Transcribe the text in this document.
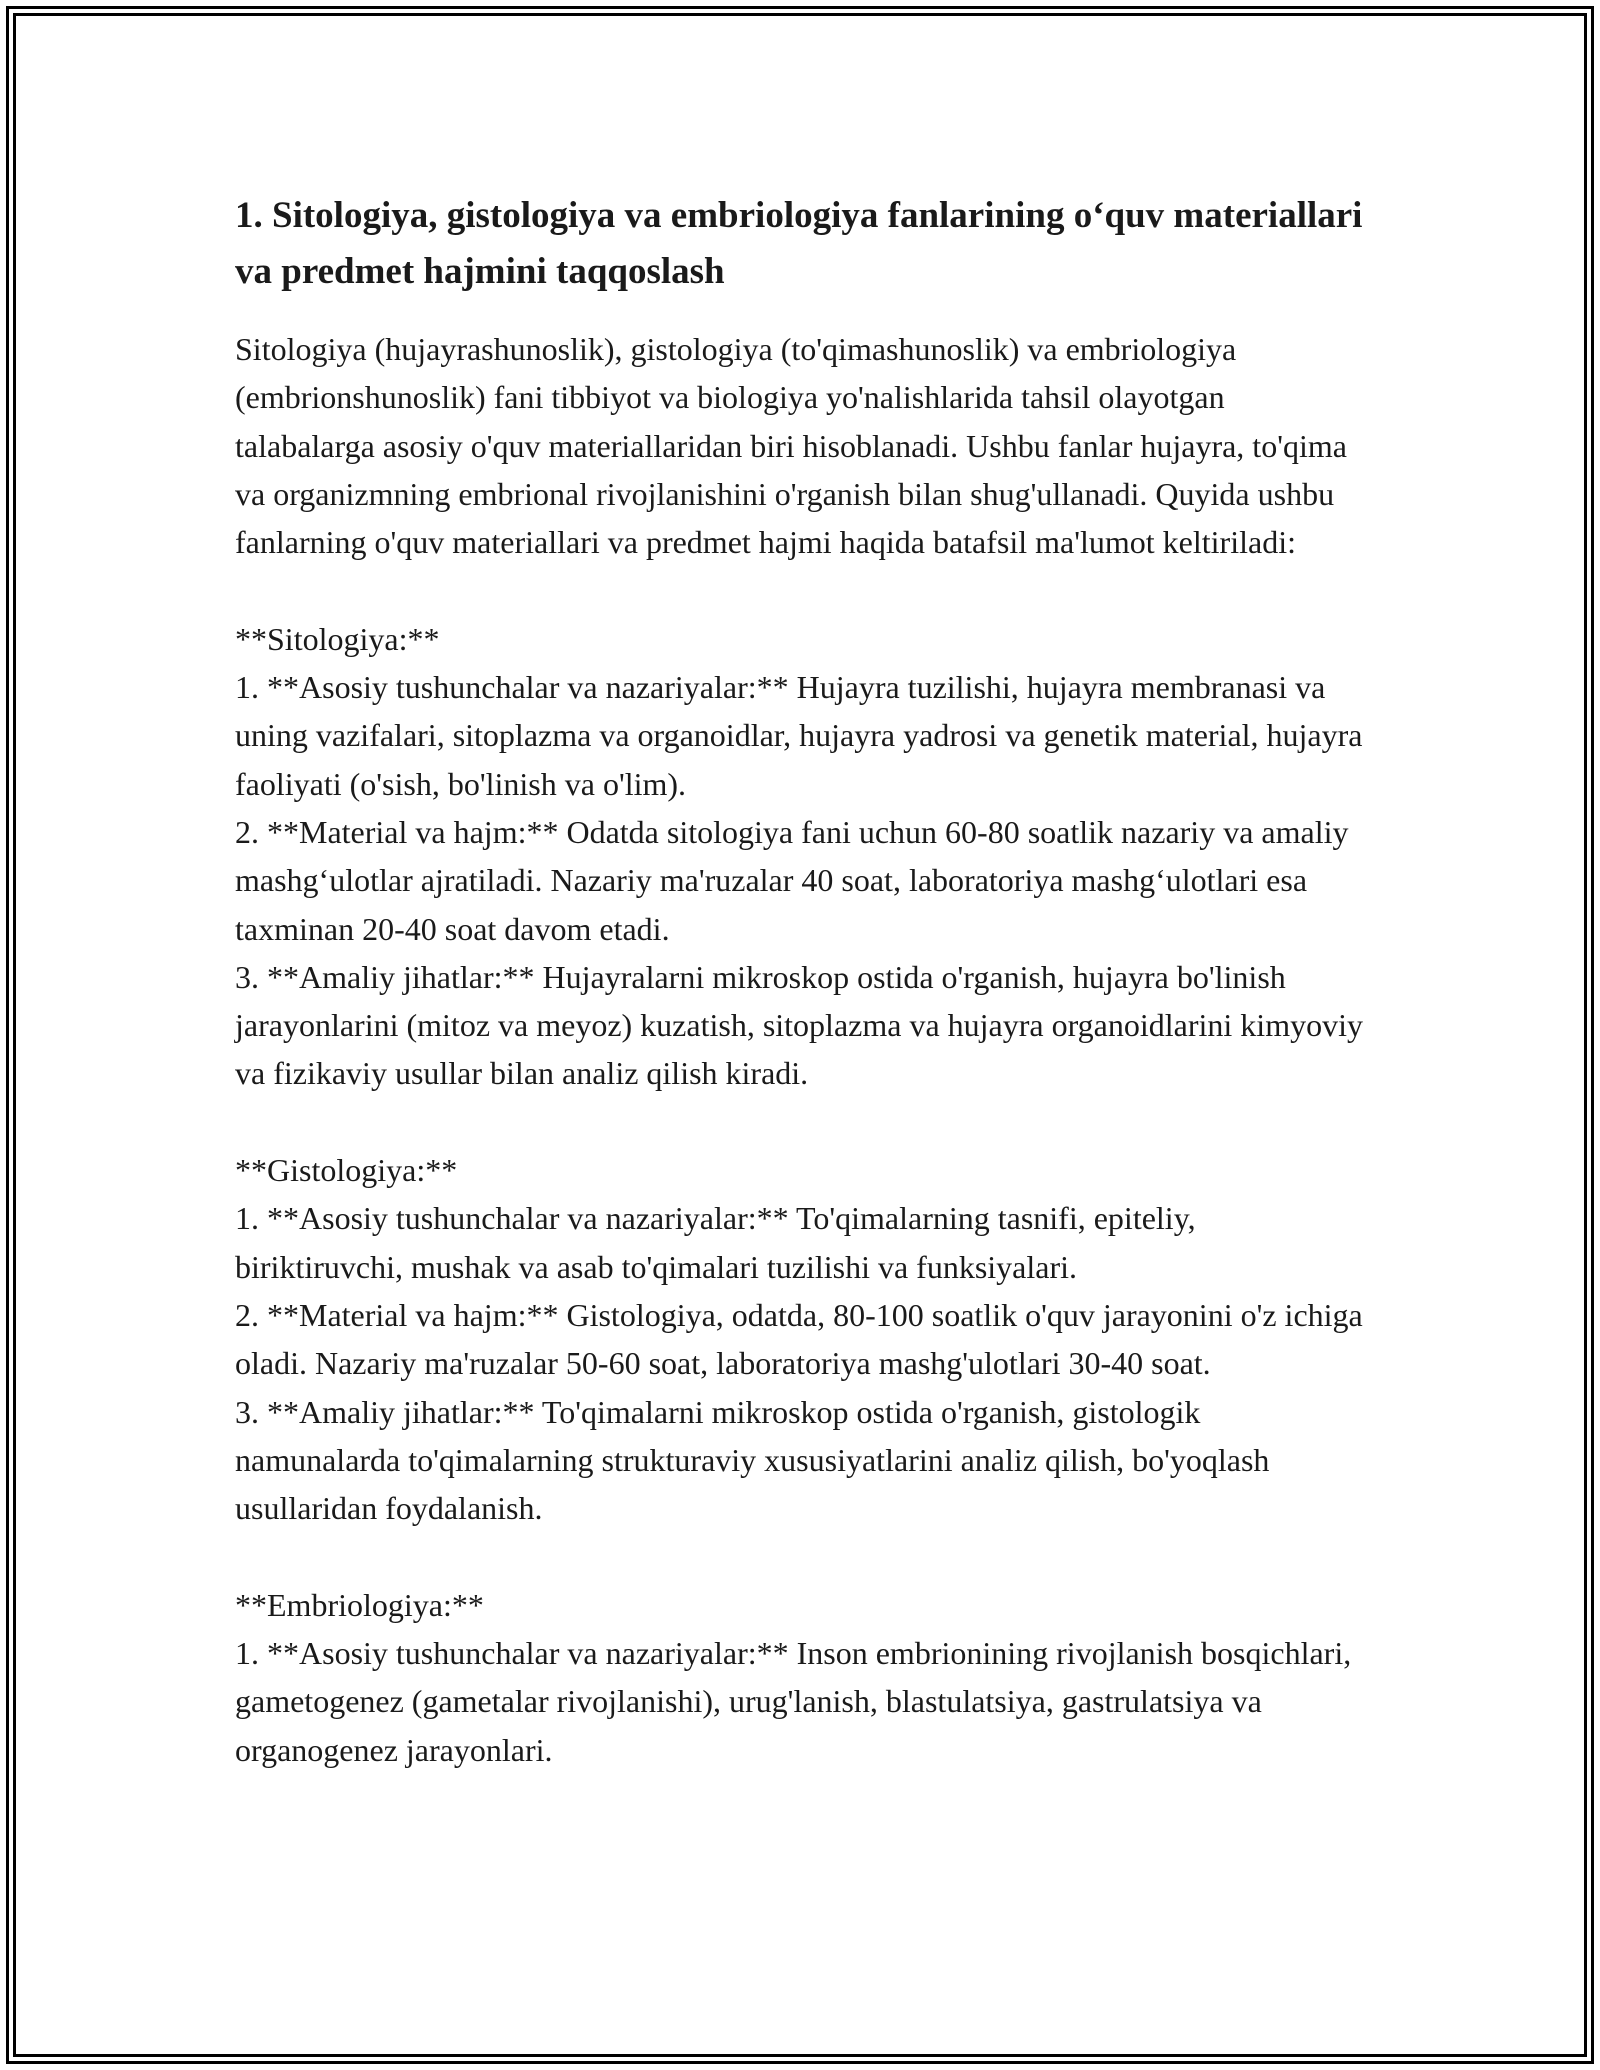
1. Sitologiya, gistologiya va embriologiya fanlarining o‘quv materiallari va predmet hajmini taqqoslash

Sitologiya (hujayrashunoslik), gistologiya (to'qimashunoslik) va embriologiya (embrionshunoslik) fani tibbiyot va biologiya yo'nalishlarida tahsil olayotgan talabalarga asosiy o'quv materiallaridan biri hisoblanadi. Ushbu fanlar hujayra, to'qima va organizmning embrional rivojlanishini o'rganish bilan shug'ullanadi. Quyida ushbu fanlarning o'quv materiallari va predmet hajmi haqida batafsil ma'lumot keltiriladi:

**Sitologiya:**

1. **Asosiy tushunchalar va nazariyalar:** Hujayra tuzilishi, hujayra membranasi va uning vazifalari, sitoplazma va organoidlar, hujayra yadrosi va genetik material, hujayra faoliyati (o'sish, bo'linish va o'lim).

2. **Material va hajm:** Odatda sitologiya fani uchun 60-80 soatlik nazariy va amaliy mashg‘ulotlar ajratiladi. Nazariy ma'ruzalar 40 soat, laboratoriya mashg‘ulotlari esa taxminan 20-40 soat davom etadi.

3. **Amaliy jihatlar:** Hujayralarni mikroskop ostida o'rganish, hujayra bo'linish jarayonlarini (mitoz va meyoz) kuzatish, sitoplazma va hujayra organoidlarini kimyoviy va fizikaviy usullar bilan analiz qilish kiradi.

**Gistologiya:**

1. **Asosiy tushunchalar va nazariyalar:** To'qimalarning tasnifi, epiteliy, biriktiruvchi, mushak va asab to'qimalari tuzilishi va funksiyalari.

2. **Material va hajm:** Gistologiya, odatda, 80-100 soatlik o'quv jarayonini o'z ichiga oladi. Nazariy ma'ruzalar 50-60 soat, laboratoriya mashg'ulotlari 30-40 soat.

3. **Amaliy jihatlar:** To'qimalarni mikroskop ostida o'rganish, gistologik namunalarda to'qimalarning strukturaviy xususiyatlarini analiz qilish, bo'yoqlash usullaridan foydalanish.

**Embriologiya:**

1. **Asosiy tushunchalar va nazariyalar:** Inson embrionining rivojlanish bosqichlari, gametogenez (gametalar rivojlanishi), urug'lanish, blastulatsiya, gastrulatsiya va organogenez jarayonlari.
